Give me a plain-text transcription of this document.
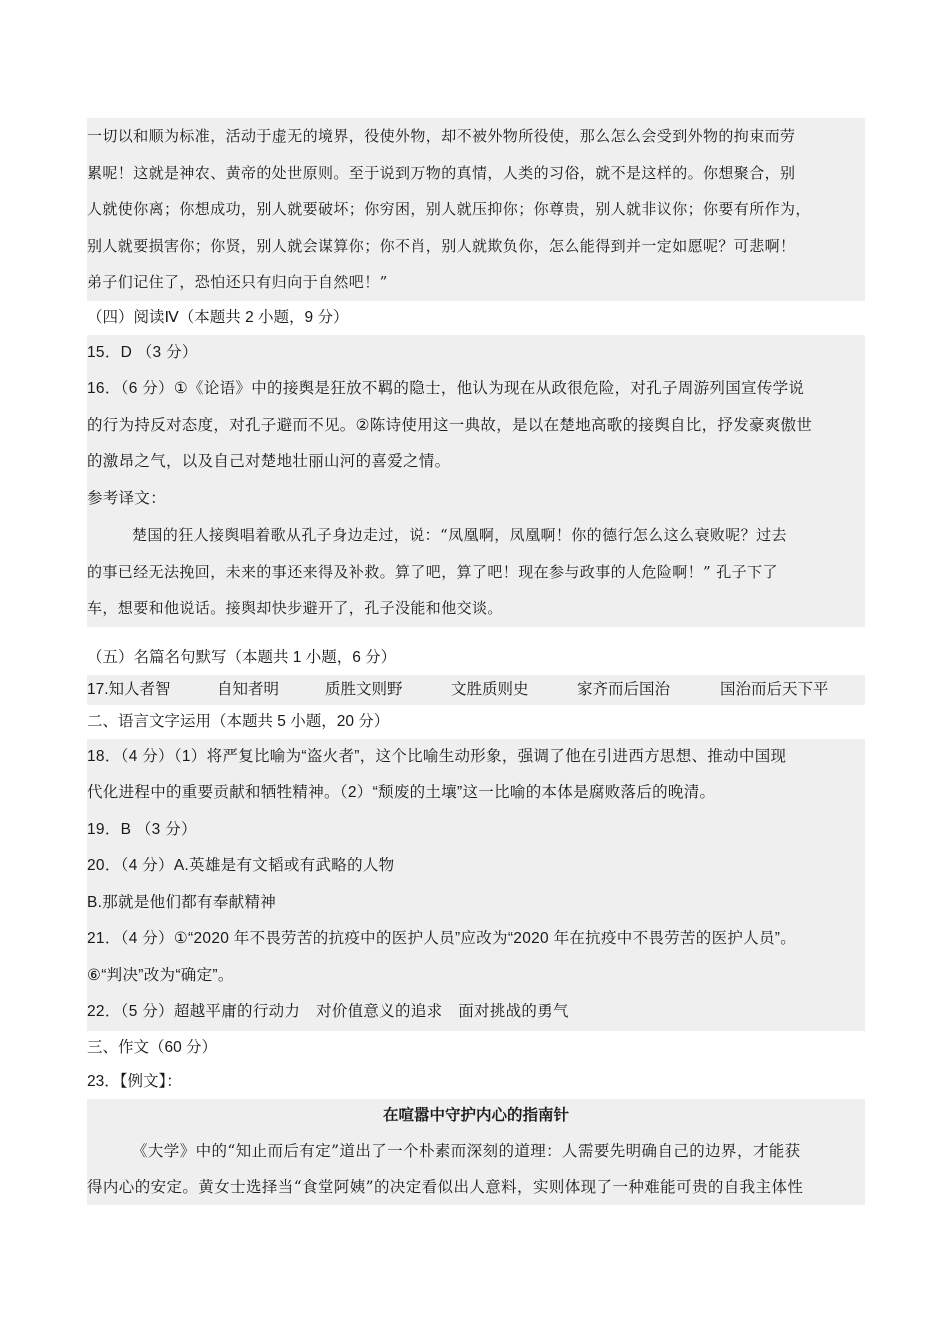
一切以和顺为标准，活动于虚无的境界，役使外物，却不被外物所役使，那么怎么会受到外物的拘束而劳
累呢！这就是神农、黄帝的处世原则。至于说到万物的真情，人类的习俗，就不是这样的。你想聚合，别
人就使你离；你想成功，别人就要破坏；你穷困，别人就压抑你；你尊贵，别人就非议你；你要有所作为，
别人就要损害你；你贤，别人就会谋算你；你不肖，别人就欺负你，怎么能得到并一定如愿呢？可悲啊！
弟子们记住了，恐怕还只有归向于自然吧！”
（四）阅读Ⅳ（本题共 2 小题，9 分）
15．D （3 分）
16．（6 分）①《论语》中的接舆是狂放不羁的隐士，他认为现在从政很危险，对孔子周游列国宣传学说
的行为持反对态度，对孔子避而不见。②陈诗使用这一典故，是以在楚地高歌的接舆自比，抒发豪爽傲世
的激昂之气，以及自己对楚地壮丽山河的喜爱之情。
参考译文：
楚国的狂人接舆唱着歌从孔子身边走过，说：“凤凰啊，凤凰啊！你的德行怎么这么衰败呢？过去
的事已经无法挽回，未来的事还来得及补救。算了吧，算了吧！现在参与政事的人危险啊！” 孔子下了
车，想要和他说话。接舆却快步避开了，孔子没能和他交谈。
（五）名篇名句默写（本题共 1 小题，6 分）
17.知人者智	自知者明	质胜文则野	文胜质则史	家齐而后国治	国治而后天下平
二、语言文字运用（本题共 5 小题，20 分）
18．（4 分）（1）将严复比喻为“盗火者”，这个比喻生动形象，强调了他在引进西方思想、推动中国现
代化进程中的重要贡献和牺牲精神。（2）“颓废的土壤”这一比喻的本体是腐败落后的晚清。
19．B （3 分）
20．（4 分）A.英雄是有文韬或有武略的人物
B.那就是他们都有奉献精神
21．（4 分）①“2020 年不畏劳苦的抗疫中的医护人员”应改为“2020 年在抗疫中不畏劳苦的医护人员”。
⑥“判决”改为“确定”。
22．（5 分）超越平庸的行动力　对价值意义的追求　面对挑战的勇气
三、作文（60 分）
23．【例文】：
在喧嚣中守护内心的指南针
《大学》中的“知止而后有定”道出了一个朴素而深刻的道理：人需要先明确自己的边界，才能获
得内心的安定。黄女士选择当“食堂阿姨”的决定看似出人意料，实则体现了一种难能可贵的自我主体性
